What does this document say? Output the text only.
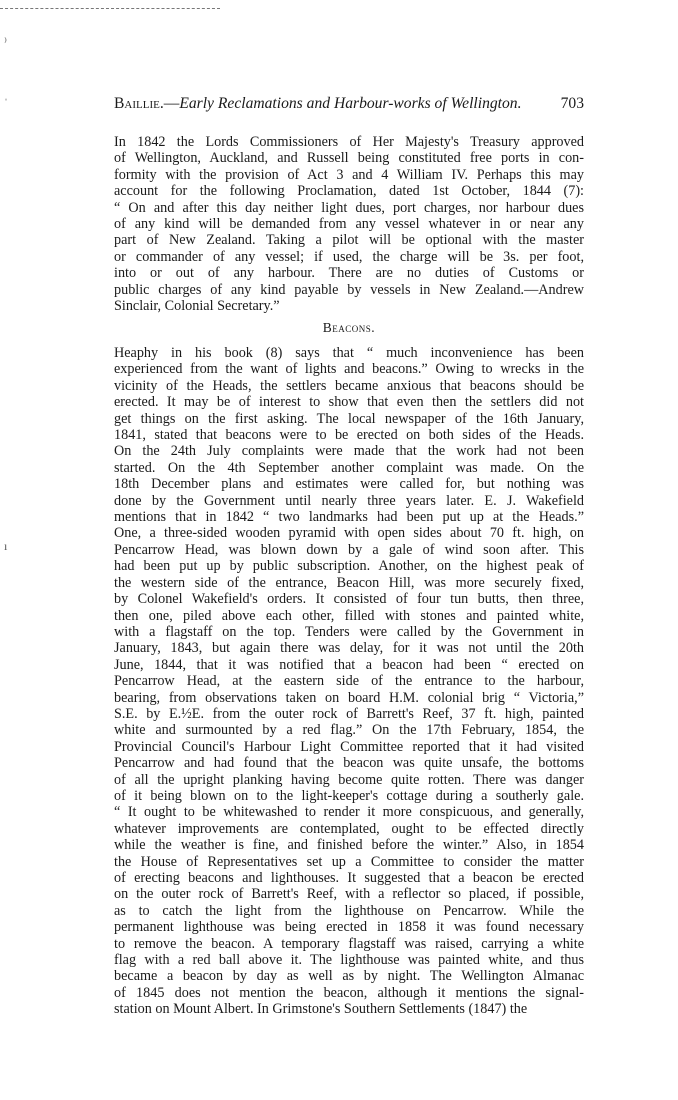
⁾
ˌ
ı
Baillie.—Early Reclamations and Harbour-works of Wellington.	703
In 1842 the Lords Commissioners of Her Majesty's Treasury approved
of Wellington, Auckland, and Russell being constituted free ports in con-
formity with the provision of Act 3 and 4 William IV. Perhaps this may
account for the following Proclamation, dated 1st October, 1844 (7):
“ On and after this day neither light dues, port charges, nor harbour dues
of any kind will be demanded from any vessel whatever in or near any
part of New Zealand. Taking a pilot will be optional with the master
or commander of any vessel; if used, the charge will be 3s. per foot,
into or out of any harbour. There are no duties of Customs or
public charges of any kind payable by vessels in New Zealand.—Andrew
Sinclair, Colonial Secretary.”
Beacons.
Heaphy in his book (8) says that “ much inconvenience has been
experienced from the want of lights and beacons.” Owing to wrecks in the
vicinity of the Heads, the settlers became anxious that beacons should be
erected. It may be of interest to show that even then the settlers did not
get things on the first asking. The local newspaper of the 16th January,
1841, stated that beacons were to be erected on both sides of the Heads.
On the 24th July complaints were made that the work had not been
started. On the 4th September another complaint was made. On the
18th December plans and estimates were called for, but nothing was
done by the Government until nearly three years later. E. J. Wakefield
mentions that in 1842 “ two landmarks had been put up at the Heads.”
One, a three-sided wooden pyramid with open sides about 70 ft. high, on
Pencarrow Head, was blown down by a gale of wind soon after. This
had been put up by public subscription. Another, on the highest peak of
the western side of the entrance, Beacon Hill, was more securely fixed,
by Colonel Wakefield's orders. It consisted of four tun butts, then three,
then one, piled above each other, filled with stones and painted white,
with a flagstaff on the top. Tenders were called by the Government in
January, 1843, but again there was delay, for it was not until the 20th
June, 1844, that it was notified that a beacon had been “ erected on
Pencarrow Head, at the eastern side of the entrance to the harbour,
bearing, from observations taken on board H.M. colonial brig “ Victoria,”
S.E. by E.½E. from the outer rock of Barrett's Reef, 37 ft. high, painted
white and surmounted by a red flag.” On the 17th February, 1854, the
Provincial Council's Harbour Light Committee reported that it had visited
Pencarrow and had found that the beacon was quite unsafe, the bottoms
of all the upright planking having become quite rotten. There was danger
of it being blown on to the light-keeper's cottage during a southerly gale.
“ It ought to be whitewashed to render it more conspicuous, and generally,
whatever improvements are contemplated, ought to be effected directly
while the weather is fine, and finished before the winter.” Also, in 1854
the House of Representatives set up a Committee to consider the matter
of erecting beacons and lighthouses. It suggested that a beacon be erected
on the outer rock of Barrett's Reef, with a reflector so placed, if possible,
as to catch the light from the lighthouse on Pencarrow. While the
permanent lighthouse was being erected in 1858 it was found necessary
to remove the beacon. A temporary flagstaff was raised, carrying a white
flag with a red ball above it. The lighthouse was painted white, and thus
became a beacon by day as well as by night. The Wellington Almanac
of 1845 does not mention the beacon, although it mentions the signal-
station on Mount Albert. In Grimstone's Southern Settlements (1847) the
